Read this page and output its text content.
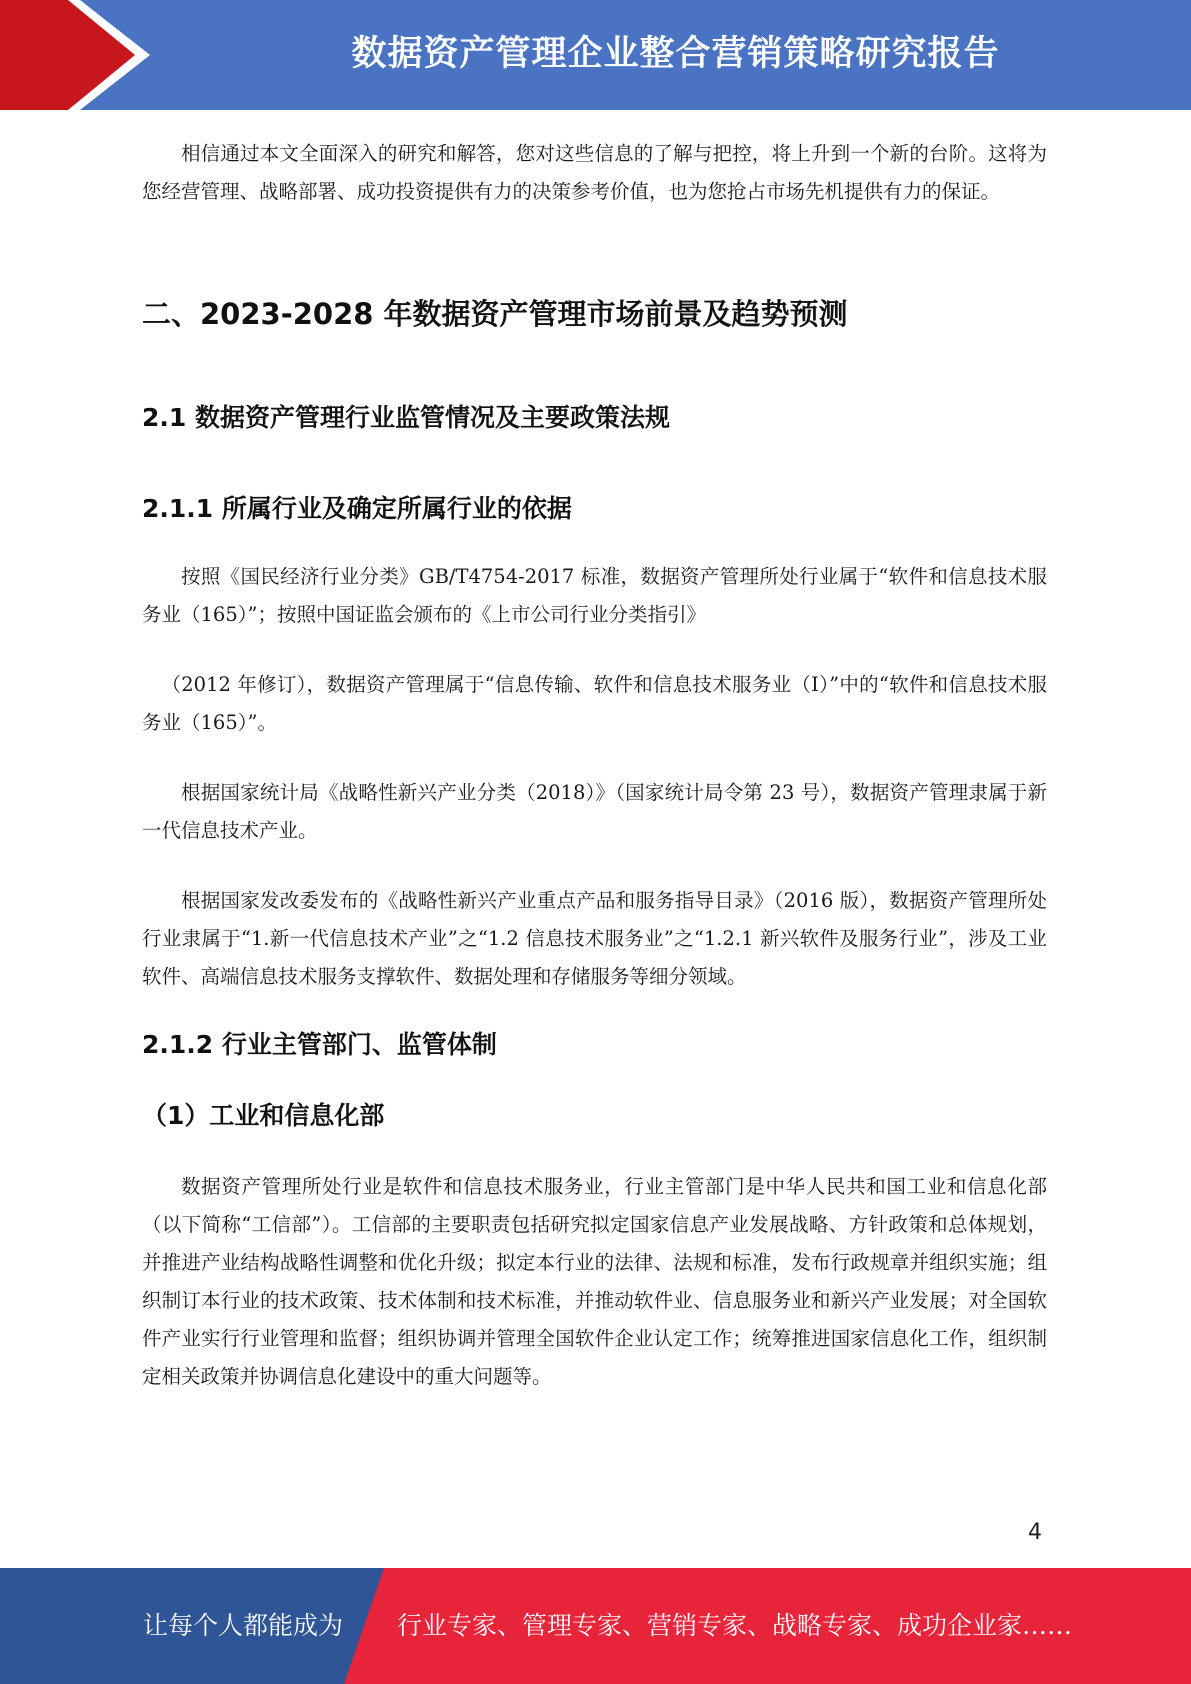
数据资产管理企业整合营销策略研究报告

相信通过本文全面深入的研究和解答，您对这些信息的了解与把控，将上升到一个新的台阶。这将为您经营管理、战略部署、成功投资提供有力的决策参考价值，也为您抢占市场先机提供有力的保证。

二、2023-2028 年数据资产管理市场前景及趋势预测
2.1 数据资产管理行业监管情况及主要政策法规
2.1.1 所属行业及确定所属行业的依据

按照《国民经济行业分类》GB/T4754-2017 标准，数据资产管理所处行业属于“软件和信息技术服务业（165）”；按照中国证监会颁布的《上市公司行业分类指引》

（2012 年修订），数据资产管理属于“信息传输、软件和信息技术服务业（I）”中的“软件和信息技术服务业（165）”。

根据国家统计局《战略性新兴产业分类（2018）》（国家统计局令第 23 号），数据资产管理隶属于新一代信息技术产业。

根据国家发改委发布的《战略性新兴产业重点产品和服务指导目录》（2016 版），数据资产管理所处行业隶属于“1.新一代信息技术产业”之“1.2 信息技术服务业”之“1.2.1 新兴软件及服务行业”，涉及工业软件、高端信息技术服务支撑软件、数据处理和存储服务等细分领域。

2.1.2 行业主管部门、监管体制
（1）工业和信息化部

数据资产管理所处行业是软件和信息技术服务业，行业主管部门是中华人民共和国工业和信息化部（以下简称“工信部”）。工信部的主要职责包括研究拟定国家信息产业发展战略、方针政策和总体规划，并推进产业结构战略性调整和优化升级；拟定本行业的法律、法规和标准，发布行政规章并组织实施；组织制订本行业的技术政策、技术体制和技术标准，并推动软件业、信息服务业和新兴产业发展；对全国软件产业实行行业管理和监督；组织协调并管理全国软件企业认定工作；统筹推进国家信息化工作，组织制定相关政策并协调信息化建设中的重大问题等。

4
让每个人都能成为 行业专家、管理专家、营销专家、战略专家、成功企业家……
